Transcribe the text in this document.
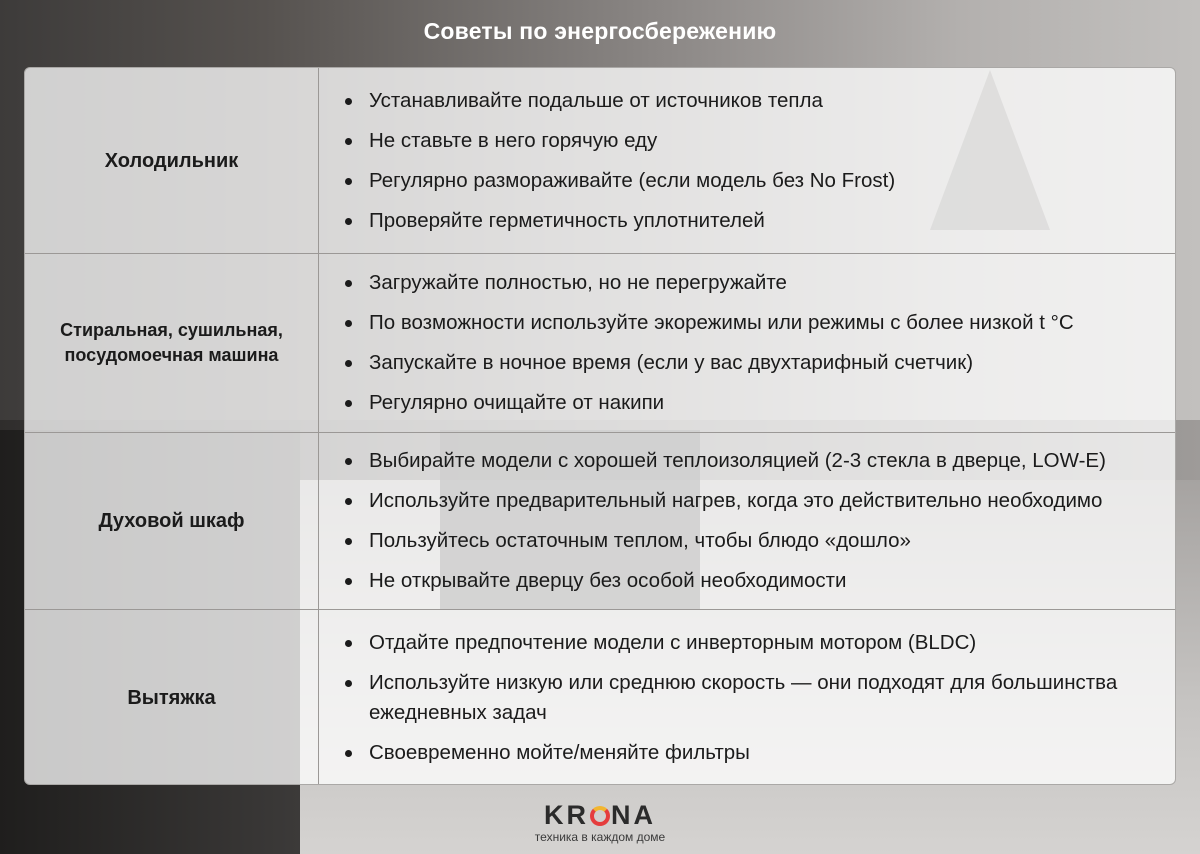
Советы по энергосбережению
Холодильник
Устанавливайте подальше от источников тепла
Не ставьте в него горячую еду
Регулярно размораживайте (если модель без No Frost)
Проверяйте герметичность уплотнителей
Стиральная, сушильная, посудомоечная машина
Загружайте полностью, но не перегружайте
По возможности используйте экорежимы или режимы с более низкой t °C
Запускайте в ночное время (если у вас двухтарифный счетчик)
Регулярно очищайте от накипи
Духовой шкаф
Выбирайте модели с хорошей теплоизоляцией (2-3 стекла в дверце, LOW-E)
Используйте предварительный нагрев, когда это действительно необходимо
Пользуйтесь остаточным теплом, чтобы блюдо «дошло»
Не открывайте дверцу без особой необходимости
Вытяжка
Отдайте предпочтение модели с инверторным мотором (BLDC)
Используйте низкую или среднюю скорость — они подходят для большинства ежедневных задач
Своевременно мойте/меняйте фильтры
KR NA
техника в каждом доме
